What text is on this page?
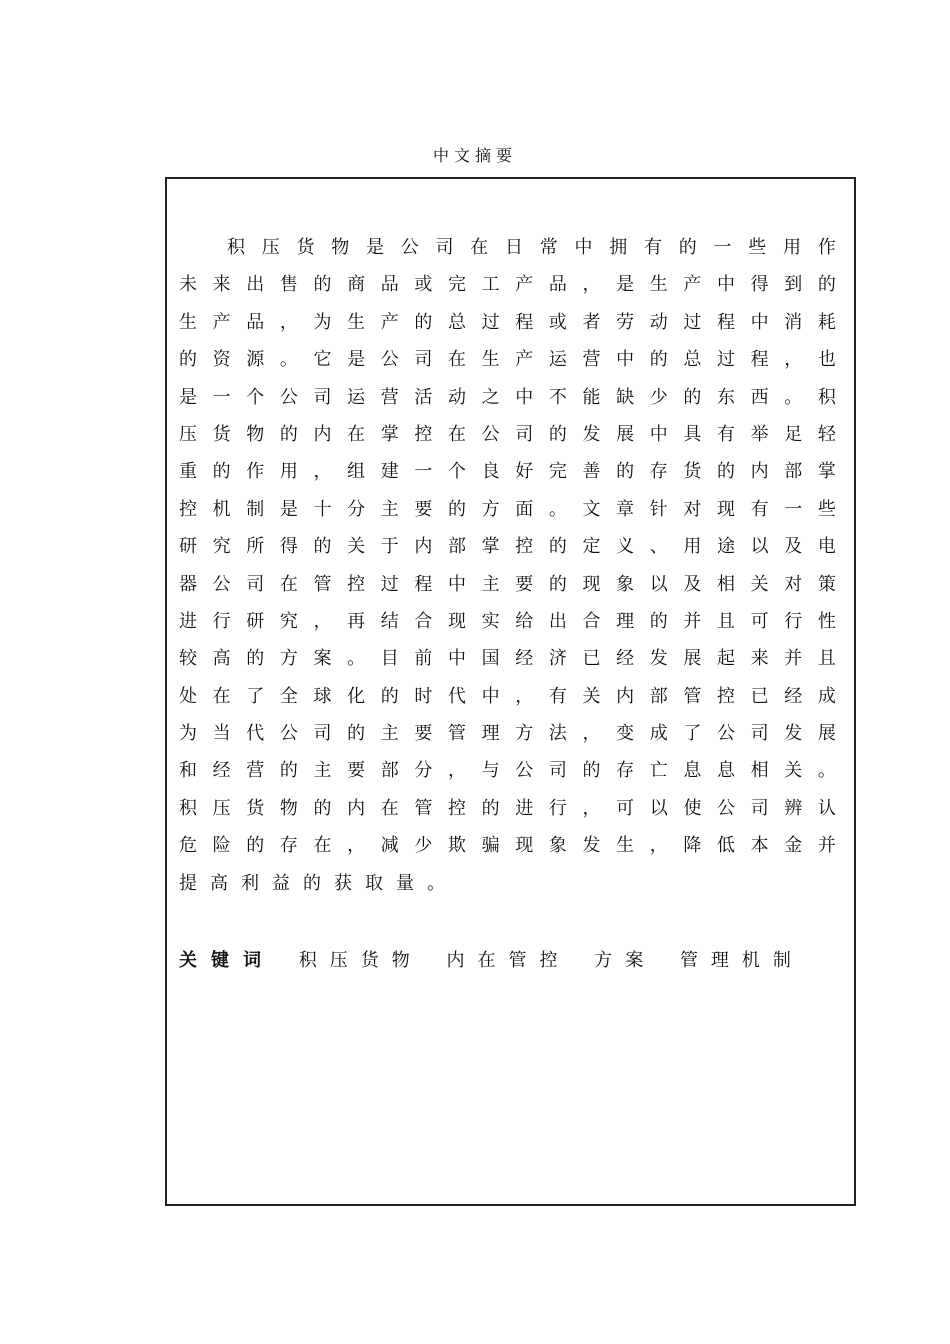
中文摘要
积 压 货 物 是 公 司 在 日 常 中 拥 有 的 一 些 用 作
未 来 出 售 的 商 品 或 完 工 产 品 ， 是 生 产 中 得 到 的
生 产 品 ， 为 生 产 的 总 过 程 或 者 劳 动 过 程 中 消 耗
的 资 源 。 它 是 公 司 在 生 产 运 营 中 的 总 过 程 ， 也
是 一 个 公 司 运 营 活 动 之 中 不 能 缺 少 的 东 西 。 积
压 货 物 的 内 在 掌 控 在 公 司 的 发 展 中 具 有 举 足 轻
重 的 作 用 ， 组 建 一 个 良 好 完 善 的 存 货 的 内 部 掌
控 机 制 是 十 分 主 要 的 方 面 。 文 章 针 对 现 有 一 些
研 究 所 得 的 关 于 内 部 掌 控 的 定 义 、 用 途 以 及 电
器 公 司 在 管 控 过 程 中 主 要 的 现 象 以 及 相 关 对 策
进 行 研 究 ， 再 结 合 现 实 给 出 合 理 的 并 且 可 行 性
较 高 的 方 案 。 目 前 中 国 经 济 已 经 发 展 起 来 并 且
处 在 了 全 球 化 的 时 代 中 ， 有 关 内 部 管 控 已 经 成
为 当 代 公 司 的 主 要 管 理 方 法 ， 变 成 了 公 司 发 展
和 经 营 的 主 要 部 分 ， 与 公 司 的 存 亡 息 息 相 关 。
积 压 货 物 的 内 在 管 控 的 进 行 ， 可 以 使 公 司 辨 认
危 险 的 存 在 ， 减 少 欺 骗 现 象 发 生 ， 降 低 本 金 并
提 高 利 益 的 获 取 量 。
关键词 积压货物 内在管控 方案 管理机制
